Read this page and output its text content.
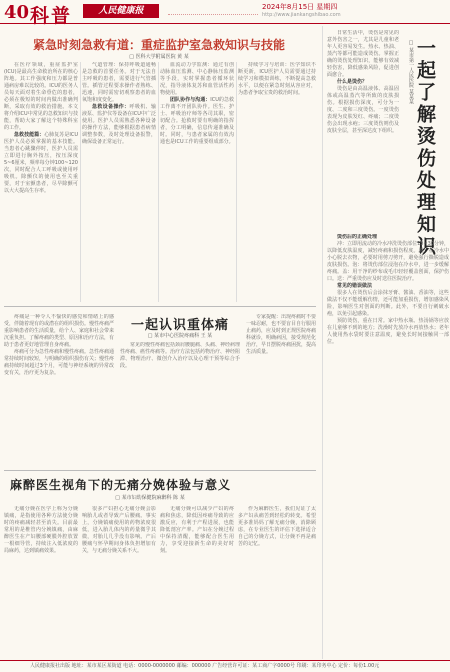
40 科普	人民健康报	2024年8月15日 星期四
http://www.jiankangshibao.com
紧急时刻急救有道：重症监护室急救知识与技能
□ 医科大学附属医院 黄 某

在医疗领域，重症监护室(ICU)是最高生命救治所在的核心阵地。其工作强度和压力都是普通病房难以比较的。ICU的医务人员每天面对着生命垂危的患者，必须在极短的时间内做出准确判断，采取有效的救治措施。本文将介绍ICU中常见的急救知识与技能，帮助大家了解这个特殊科室的工作。

急救技能篇：心肺复苏是ICU医护人员必须掌握的基本技能。当患者心跳骤停时，医护人员需立即进行胸外按压，按压深度5~6厘米，频率每分钟100~120次，同时配合人工呼吸或使用呼吸机。除颤仪的使用也至关重要，对于室颤患者，尽早除颤可以大大提高生存率。

气道管理：保持呼吸道通畅是急救的首要任务。对于无法自主呼吸的患者，需要进行气管插管。插管过程要求操作者熟练、迅速，同时需密切观察患者的血氧饱和度变化。

急救设备操作：呼吸机、输液泵、监护仪等设备在ICU中广泛使用。医护人员需熟悉各种设备的操作方法，能够根据患者病情调整参数，及时处理设备报警，确保设备正常运行。

血流动力学监测：通过有创动脉血压监测、中心静脉压监测等手段，实时掌握患者循环状况，指导液体复苏和血管活性药物使用。

团队协作与沟通：ICU的急救工作离不开团队协作。医生、护士、呼吸治疗师等各司其职，密切配合。抢救时要有明确的指挥者，分工明确，信息传递准确及时。同时，与患者家属的有效沟通也是ICU工作的重要组成部分。

持续学习与培训：医学知识不断更新，ICU医护人员需要通过持续学习和模拟训练，不断提高急救水平，以便在紧急时刻从容应对，为患者争取宝贵的救治时间。

一起认识重体痛
□ 某市中心医院疼痛科 王 某

疼痛是一种令人不愉快的感觉和情绪上的感受，伴随着现有的或潜在的组织损伤。慢性疼痛严重影响患者的生活质量，给个人、家庭和社会带来沉重负担。了解疼痛的类型、原因和治疗方法，有助于患者更好地管理自身疼痛。

疼痛可分为急性疼痛和慢性疼痛。急性疼痛通常持续时间较短，与明确的组织损伤有关；慢性疼痛持续时间超过3个月，可能与神经系统的异常改变有关，治疗更为复杂。

常见的慢性疼痛包括颈肩腰腿痛、头痛、神经病理性疼痛、癌性疼痛等。治疗方法包括药物治疗、神经阻滞、物理治疗、微创介入治疗以及心理干预等综合手段。

专家提醒：出现疼痛时不要一味忍耐，也不要盲目自行服用止痛药，应及时到正规医院疼痛科就诊，明确病因，接受规范化治疗，早日摆脱疼痛困扰，提高生活质量。

麻醉医生视角下的无痛分娩体验与意义
□ 某市妇幼保健院麻醉科 陈 某

无痛分娩在医学上称为分娩镇痛，是指使用各种方法使分娩时的疼痛减轻甚至消失。目前最常用的是椎管内分娩镇痛，由麻醉医生在产妇腰部硬膜外腔放置一根细导管，持续注入低浓度的局麻药，达到镇痛效果。

很多产妇担心无痛分娩会影响胎儿或者导致产后腰痛。事实上，分娩镇痛使用的药物浓度很低，进入胎儿体内的药量微乎其微，对胎儿几乎没有影响。产后腰痛与怀孕期间身体负担增加有关，与无痛分娩关系不大。

无痛分娩可以减少产妇的疼痛和焦虑，降低因疼痛导致的应激反应，有利于产程进展，也能降低剖宫产率。产妇在分娩过程中保持清醒，能够配合医生用力，享受迎接新生命的美好时刻。

作为麻醉医生，我们见证了太多产妇从痛苦到轻松的转变。希望更多准妈妈了解无痛分娩，消除顾虑，在专业医生的评估下选择适合自己的分娩方式，让分娩不再是痛苦的记忆。

一起了解烫伤处理知识
□ 某市第一人民医院 某某某

日常生活中，烫伤是常见的意外伤害之一，尤其是儿童和老年人更容易发生。热水、热油、蒸汽等都可能造成烫伤。掌握正确的烫伤处理知识，能够有效减轻伤害，降低感染风险，促进创面愈合。

什么是烫伤？

烫伤是由高温液体、高温固体或高温蒸汽等所致的皮肤损伤。根据损伤深度，可分为一度、二度和三度烫伤。一度烫伤表现为皮肤发红、疼痛；二度烫伤会出现水疱；三度烫伤则伤及皮肤全层，甚至深达皮下组织。

烫伤后的正确处理

冲：立即用流动的冷水冲洗烫伤部位15~30分钟，以降低皮肤温度，减轻疼痛和损伤程度。脱：在冷水中小心脱去衣物，必要时用剪刀剪开，避免强行撕脱造成皮肤损伤。泡：将烫伤部位浸泡在冷水中，进一步缓解疼痛。盖：用干净的纱布或毛巾轻轻覆盖创面，保护伤口。送：严重烫伤应及时送往医院治疗。

常见的错误做法

很多人在烫伤后会涂抹牙膏、酱油、香油等，这些做法不仅不能缓解伤情，还可能加重损伤，增加感染风险，影响医生对创面的判断。此外，不要自行刺破水疱，以免引起感染。

预防烫伤，重在日常。家中热水瓶、热汤锅等应放在儿童够不到的地方；洗澡时先放冷水再放热水；老年人使用热水袋时要注意温度，避免长时间接触同一部位。

人民健康报社出版 地址：某市某区某街道 电话：0000-0000000 邮编：000000 广告经营许可证：某工商广字0000号 印刷：某印务中心 定价：每份1.00元
